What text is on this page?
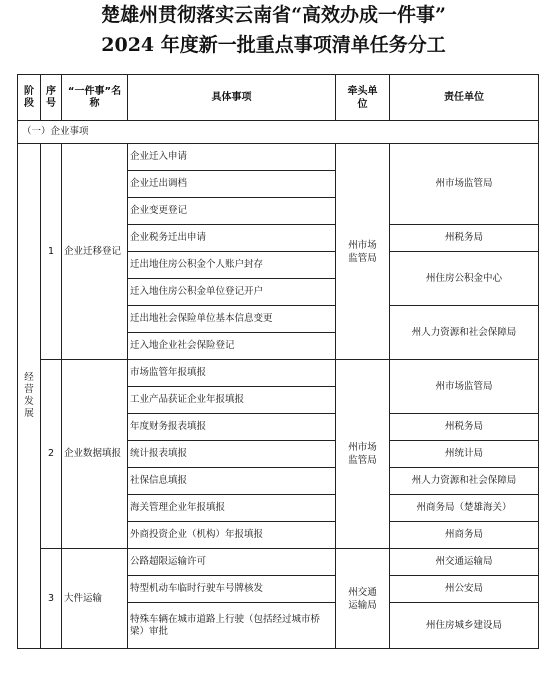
楚雄州贯彻落实云南省“高效办成一件事”
2024 年度新一批重点事项清单任务分工
阶段	序号	“一件事”名称	具体事项	牵头单位	责任单位
（一）企业事项					
经营发展	1	企业迁移登记	企业迁入申请	州市场监管局	州市场监管局
			企业迁出调档		
			企业变更登记		
			企业税务迁出申请		州税务局
			迁出地住房公积金个人账户封存		州住房公积金中心
			迁入地住房公积金单位登记开户		
			迁出地社会保险单位基本信息变更		州人力资源和社会保障局
			迁入地企业社会保险登记		
	2	企业数据填报	市场监管年报填报	州市场监管局	州市场监管局
			工业产品获证企业年报填报		
			年度财务报表填报		州税务局
			统计报表填报		州统计局
			社保信息填报		州人力资源和社会保障局
			海关管理企业年报填报		州商务局（楚雄海关）
			外商投资企业（机构）年报填报		州商务局
	3	大件运输	公路超限运输许可	州交通运输局	州交通运输局
			特型机动车临时行驶车号牌核发		州公安局
			特殊车辆在城市道路上行驶（包括经过城市桥梁）审批		州住房城乡建设局
